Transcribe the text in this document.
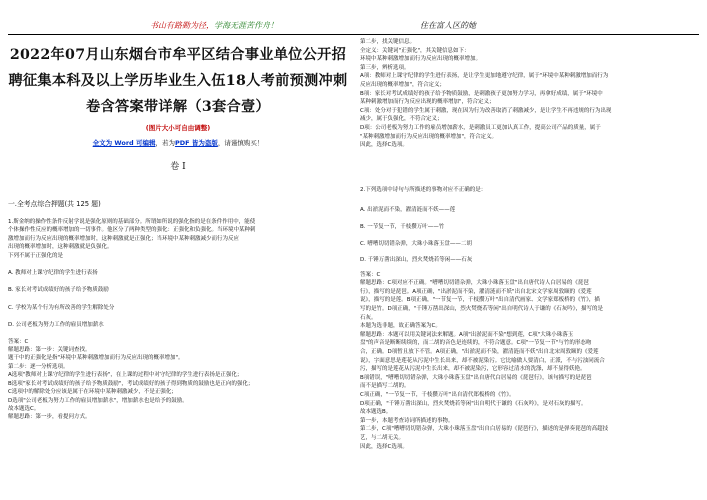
书山有路勤为径，学海无涯苦作舟！	住在富人区的她
2022年07月山东烟台市牟平区结合事业单位公开招聘征集本科及以上学历毕业生入伍18人考前预测冲刺卷含答案带详解（3套合壹）
(图片大小可自由调整)
全文为 Word 可编辑，若为PDF 皆为盗版，请谨慎购买！
卷 I
一.全考点综合押题(共 125 题)

1.斯金纳的操作性条件反射学说是强化原则的基础部分。所谓如所说的强化指的是在条件作用中，能使

个体操作性反应的概率增加的一切事件。他区分了两种类型的强化：正强化和负强化。当环境中某种刺

激增加而行为反应出现的概率增加时，这种刺激就是正强化；当环境中某种刺激减少而行为反应

出现的概率增加时，这种刺激就是负强化。

下列不属于正强化的是

A. 教师对上课守纪律的学生进行表扬

B. 家长对考试成绩好的孩子给予物质鼓励

C. 学校为某个行为有所改善的学生解除处分

D. 公司老板为努力工作的雇员增加薪水

答案：C

解题思路：第一步：关键词查找。

题干中的正强化是指"环境中某种刺激增加而行为反应出现的概率增加"。

第二步：逐一分析选项。

A选项"教师对上课守纪律的学生进行表扬"，在上课的过程中对守纪律的学生进行表扬是正强化；

B选项"家长对考试成绩好的孩子给予物质鼓励"，考试成绩好的孩子得到物质的鼓励也是正向的强化；

C选项中的解除处分应该是属于在环境中某种刺激减少，不是正强化；

D选项"公司老板为努力工作的雇员增加薪水"，增加薪水也是给予的鼓励。

故本题选C。

解题思路：第一步，看提问方式。

第二步，找关键信息。

全定义：关键词"正强化"，其关键信息如下：

环境中某种刺激增加而行为反应出现的概率增加。

第三步，辨析选项。

A项：教师对上课守纪律的学生进行表扬，是让学生更加地遵守纪律，属于"环境中某种刺激增加而行为

反应出现的概率增加"，符合定义；

B项：家长对考试成绩好的孩子给予物质鼓励，是刺激孩子更加努力学习，再拿好成绩，属于"环境中

某种刺激增加而行为反应出现的概率增加"，符合定义；

C项：处分对于犯错的学生属于刺激，现在因为行为改善取消了刺激减少，是让学生不再违规的行为出现

减少，属于负强化，不符合定义；

D项：公司老板为努力工作的雇员增加薪水，是刺激员工更加认真工作，提高公司产品的质量，属于

"某种刺激增加而行为反应出现的概率增加"，符合定义。

因此，选择C选项。

2.下列选项中诗句与所描述的事物对应不正确的是：

A. 出淤泥而不染，濯清涟而不妖——莲

B. 一节复一节，千枝攒万叶——竹

C. 嘈嘈切切错杂弹，大珠小珠落玉盘——二胡

D. 千锤万凿出深山，烈火焚烧若等闲——石灰

答案：C

解题思路：C项对应不正确。"嘈嘈切切错杂弹，大珠小珠落玉盘"出自唐代诗人白居易的《琵琶

行》，描写的是琵琶。A项正确，"出淤泥而不染，濯清涟而不妖"出自北宋文学家周敦颐的《爱莲

说》，描写的是莲。B项正确，"一节复一节，千枝攒万叶"出自清代画家、文学家郑板桥的《竹》，描

写的是竹。D项正确，"千锤万凿出深山，烈火焚烧若等闲"出自明代诗人于谦的《石灰吟》，描写的是

石灰。

本题为选非题，故正确答案为C。

解题思路：本题可以用关键词法来解题。A项"出淤泥而不染"想到莲，C项"大珠小珠落玉

盘"的声音是断断续续的，而二胡的音色是连续的，不符合题意。C项"一节复一节"与竹的形态吻

合，正确。D项暂且放下不管。A项正确，"出淤泥而不染，濯清涟而不妖"出自北宋周敦颐的《爱莲

说》，字面意思是莲花从污泥中生长出来，却不被泥染污。它比喻做人要清白，正派，不与污浊同流合

污，描写的是莲花从污泥中生长出来，却不被泥染污，它形容过清水的洗涤，却不显得妖艳。

B项错误，"嘈嘈切切错杂弹，大珠小珠落玉盘"出自唐代白居易的《琵琶行》，该句描写的是琵琶

而不是描写二胡的。

C项正确，"一节复一节，千枝攒万叶"出自清代郑板桥的《竹》。

D项正确，"千锤万凿出深山，烈火焚烧若等闲"出自明代于谦的《石灰吟》，是对石灰的描写。

故本题选B。

第一步，本题考查诗词所描述的事物。

第二步，C项"嘈嘈切切错杂弹，大珠小珠落玉盘"出自白居易的《琵琶行》，描述的是弹奏琵琶的高超技

艺，与二胡无关。

因此，选择C选项。
